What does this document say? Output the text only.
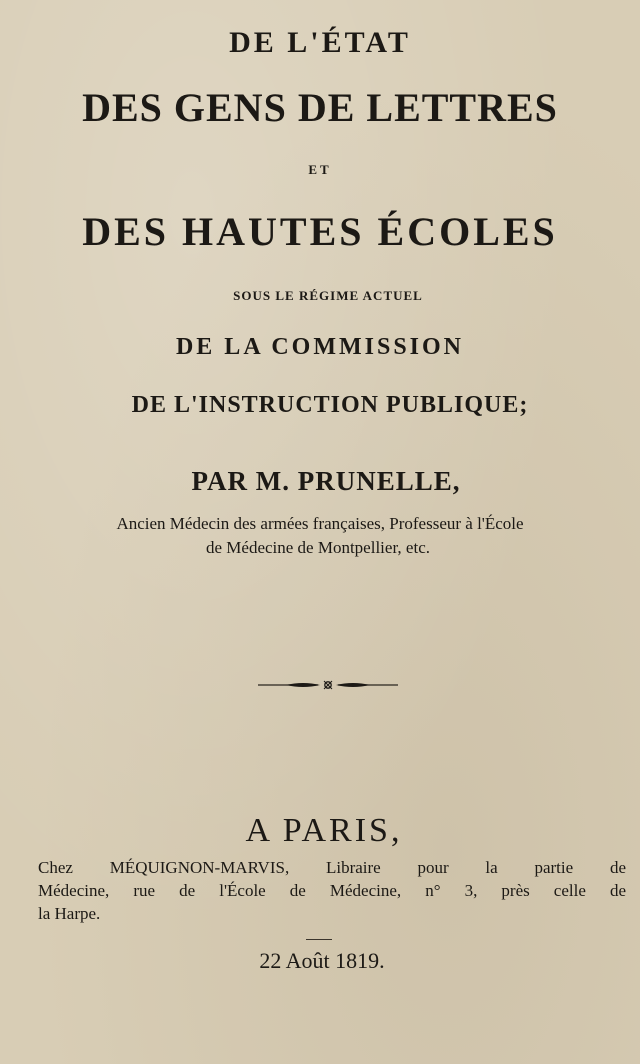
DE L'ÉTAT
DES GENS DE LETTRES
ET
DES HAUTES ÉCOLES
SOUS LE RÉGIME ACTUEL
DE LA COMMISSION
DE L'INSTRUCTION PUBLIQUE;
PAR M. PRUNELLE,
Ancien Médecin des armées françaises, Professeur à l'École
de Médecine de Montpellier, etc.
A PARIS,
Chez MÉQUIGNON-MARVIS, Libraire pour la partie de
Médecine, rue de l'École de Médecine, n° 3, près celle de
la Harpe.
22 Août 1819.
